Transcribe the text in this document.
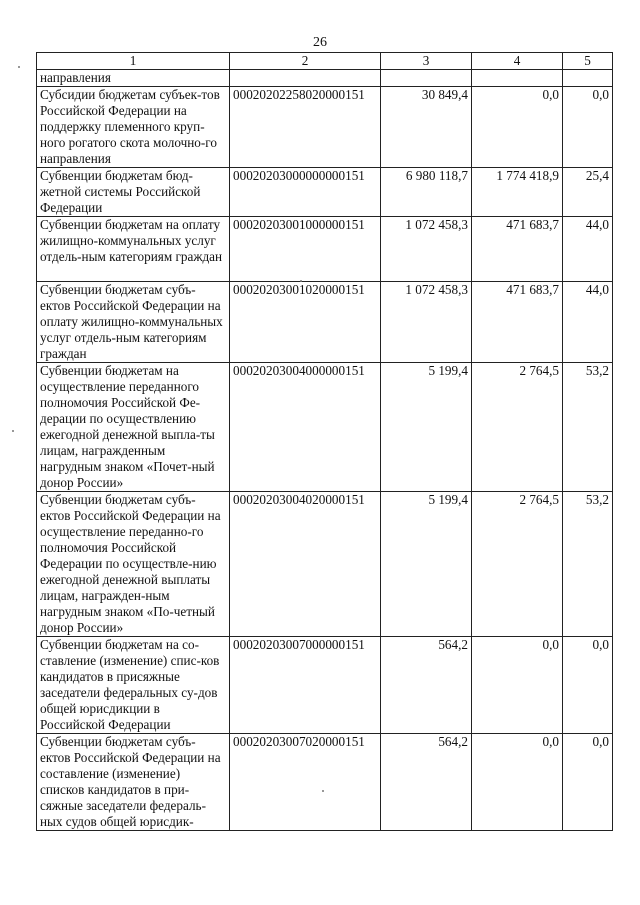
26
1	2	3	4	5
направления				
Субсидии бюджетам субъек-тов Российской Федерации на поддержку племенного круп-ного рогатого скота молочно-го направления	00020202258020000151	30 849,4	0,0	0,0
Субвенции бюджетам бюд-жетной системы Российской Федерации	00020203000000000151	6 980 118,7	1 774 418,9	25,4
Субвенции бюджетам на оплату жилищно-коммунальных услуг отдель-ным категориям граждан	00020203001000000151	1 072 458,3	471 683,7	44,0
Субвенции бюджетам субъ-ектов Российской Федерации на оплату жилищно-коммунальных услуг отдель-ным категориям граждан	00020203001020000151	1 072 458,3	471 683,7	44,0
Субвенции бюджетам на осуществление переданного полномочия Российской Фе-дерации по осуществлению ежегодной денежной выпла-ты лицам, награжденным нагрудным знаком «Почет-ный донор России»	00020203004000000151	5 199,4	2 764,5	53,2
Субвенции бюджетам субъ-ектов Российской Федерации на осуществление переданно-го полномочия Российской Федерации по осуществле-нию ежегодной денежной выплаты лицам, награжден-ным нагрудным знаком «По-четный донор России»	00020203004020000151	5 199,4	2 764,5	53,2
Субвенции бюджетам на со-ставление (изменение) спис-ков кандидатов в присяжные заседатели федеральных су-дов общей юрисдикции в Российской Федерации	00020203007000000151	564,2	0,0	0,0
Субвенции бюджетам субъ-ектов Российской Федерации на составление (изменение) списков кандидатов в при-сяжные заседатели федераль-ных судов общей юрисдик-	00020203007020000151	564,2	0,0	0,0
